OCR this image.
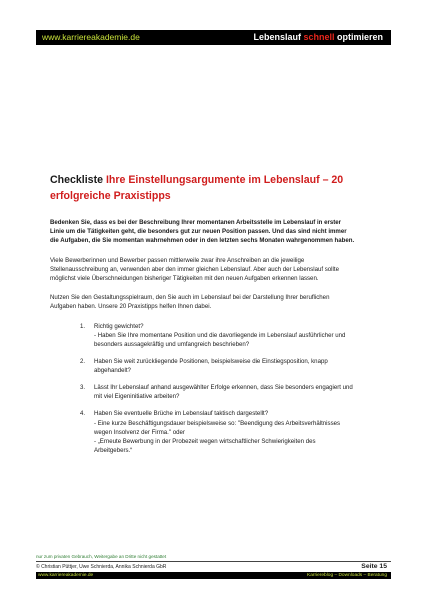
www.karriereakademie.de	Lebenslauf schnell optimieren
Checkliste Ihre Einstellungsargumente im Lebenslauf – 20 erfolgreiche Praxistipps

Bedenken Sie, dass es bei der Beschreibung Ihrer momentanen Arbeitsstelle im Lebenslauf in erster Linie um die Tätigkeiten geht, die besonders gut zur neuen Position passen. Und das sind nicht immer die Aufgaben, die Sie momentan wahrnehmen oder in den letzten sechs Monaten wahrgenommen haben.

Viele Bewerberinnen und Bewerber passen mittlerweile zwar ihre Anschreiben an die jeweilige Stellenausschreibung an, verwenden aber den immer gleichen Lebenslauf. Aber auch der Lebenslauf sollte möglichst viele Überschneidungen bisheriger Tätigkeiten mit den neuen Aufgaben erkennen lassen.

Nutzen Sie den Gestaltungsspielraum, den Sie auch im Lebenslauf bei der Darstellung Ihrer beruflichen Aufgaben haben. Unsere 20 Praxistipps helfen Ihnen dabei.

1. Richtig gewichtet?
- Haben Sie Ihre momentane Position und die davorliegende im Lebenslauf ausführlicher und besonders aussagekräftig und umfangreich beschrieben?
2. Haben Sie weit zurückliegende Positionen, beispielsweise die Einstiegsposition, knapp abgehandelt?
3. Lässt Ihr Lebenslauf anhand ausgewählter Erfolge erkennen, dass Sie besonders engagiert und mit viel Eigeninitiative arbeiten?
4. Haben Sie eventuelle Brüche im Lebenslauf taktisch dargestellt?
- Eine kurze Beschäftigungsdauer beispielsweise so: "Beendigung des Arbeitsverhältnisses wegen Insolvenz der Firma." oder
- „Erneute Bewerbung in der Probezeit wegen wirtschaftlicher Schwierigkeiten des Arbeitgebers.“
nur zum privaten Gebrauch, Weitergabe an Dritte nicht gestattet
© Christian Püttjer, Uwe Schnierda, Annika Schnierda GbR	Seite 15
www.karriereakademie.de	Karriereblog – Downloads – Beratung
